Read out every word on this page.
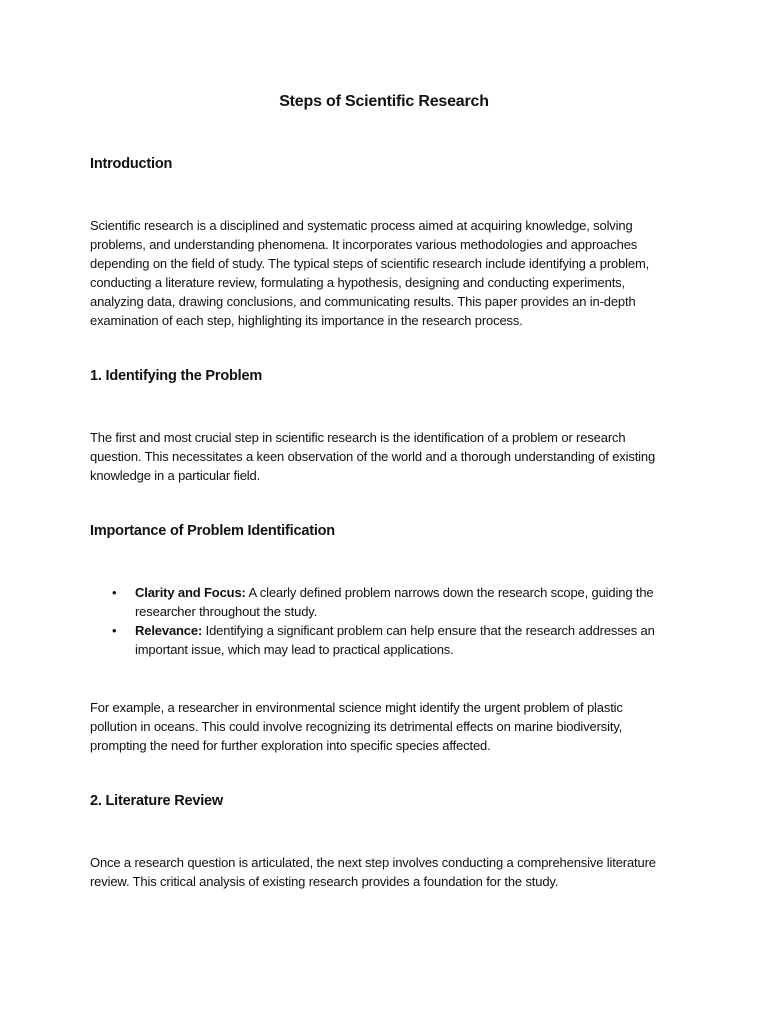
Steps of Scientific Research
Introduction

Scientific research is a disciplined and systematic process aimed at acquiring knowledge, solving problems, and understanding phenomena. It incorporates various methodologies and approaches depending on the field of study. The typical steps of scientific research include identifying a problem, conducting a literature review, formulating a hypothesis, designing and conducting experiments, analyzing data, drawing conclusions, and communicating results. This paper provides an in-depth examination of each step, highlighting its importance in the research process.

1. Identifying the Problem

The first and most crucial step in scientific research is the identification of a problem or research question. This necessitates a keen observation of the world and a thorough understanding of existing knowledge in a particular field.

Importance of Problem Identification
• Clarity and Focus: A clearly defined problem narrows down the research scope, guiding the researcher throughout the study.
• Relevance: Identifying a significant problem can help ensure that the research addresses an important issue, which may lead to practical applications.

For example, a researcher in environmental science might identify the urgent problem of plastic pollution in oceans. This could involve recognizing its detrimental effects on marine biodiversity, prompting the need for further exploration into specific species affected.

2. Literature Review

Once a research question is articulated, the next step involves conducting a comprehensive literature review. This critical analysis of existing research provides a foundation for the study.
